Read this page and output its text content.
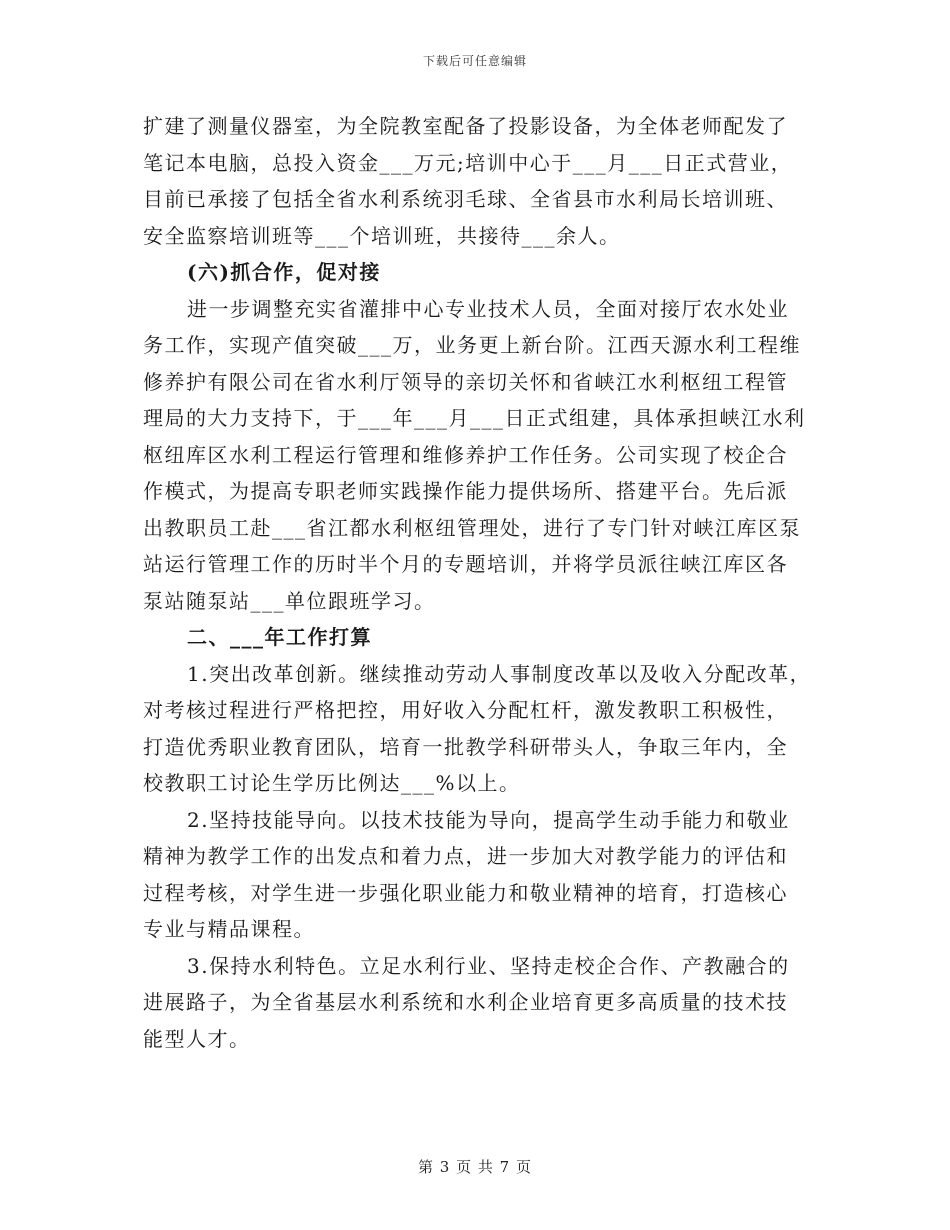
下载后可任意编辑
扩建了测量仪器室，为全院教室配备了投影设备，为全体老师配发了
笔记本电脑，总投入资金___万元;培训中心于___月___日正式营业，
目前已承接了包括全省水利系统羽毛球、全省县市水利局长培训班、
安全监察培训班等___个培训班，共接待___余人。
(六)抓合作，促对接
进一步调整充实省灌排中心专业技术人员，全面对接厅农水处业
务工作，实现产值突破___万，业务更上新台阶。江西天源水利工程维
修养护有限公司在省水利厅领导的亲切关怀和省峡江水利枢纽工程管
理局的大力支持下，于___年___月___日正式组建，具体承担峡江水利
枢纽库区水利工程运行管理和维修养护工作任务。公司实现了校企合
作模式，为提高专职老师实践操作能力提供场所、搭建平台。先后派
出教职员工赴___省江都水利枢纽管理处，进行了专门针对峡江库区泵
站运行管理工作的历时半个月的专题培训，并将学员派往峡江库区各
泵站随泵站___单位跟班学习。
二、___年工作打算
1.突出改革创新。继续推动劳动人事制度改革以及收入分配改革，
对考核过程进行严格把控，用好收入分配杠杆，激发教职工积极性，
打造优秀职业教育团队，培育一批教学科研带头人，争取三年内，全
校教职工讨论生学历比例达___%以上。
2.坚持技能导向。以技术技能为导向，提高学生动手能力和敬业
精神为教学工作的出发点和着力点，进一步加大对教学能力的评估和
过程考核，对学生进一步强化职业能力和敬业精神的培育，打造核心
专业与精品课程。
3.保持水利特色。立足水利行业、坚持走校企合作、产教融合的
进展路子，为全省基层水利系统和水利企业培育更多高质量的技术技
能型人才。
第 3 页 共 7 页
